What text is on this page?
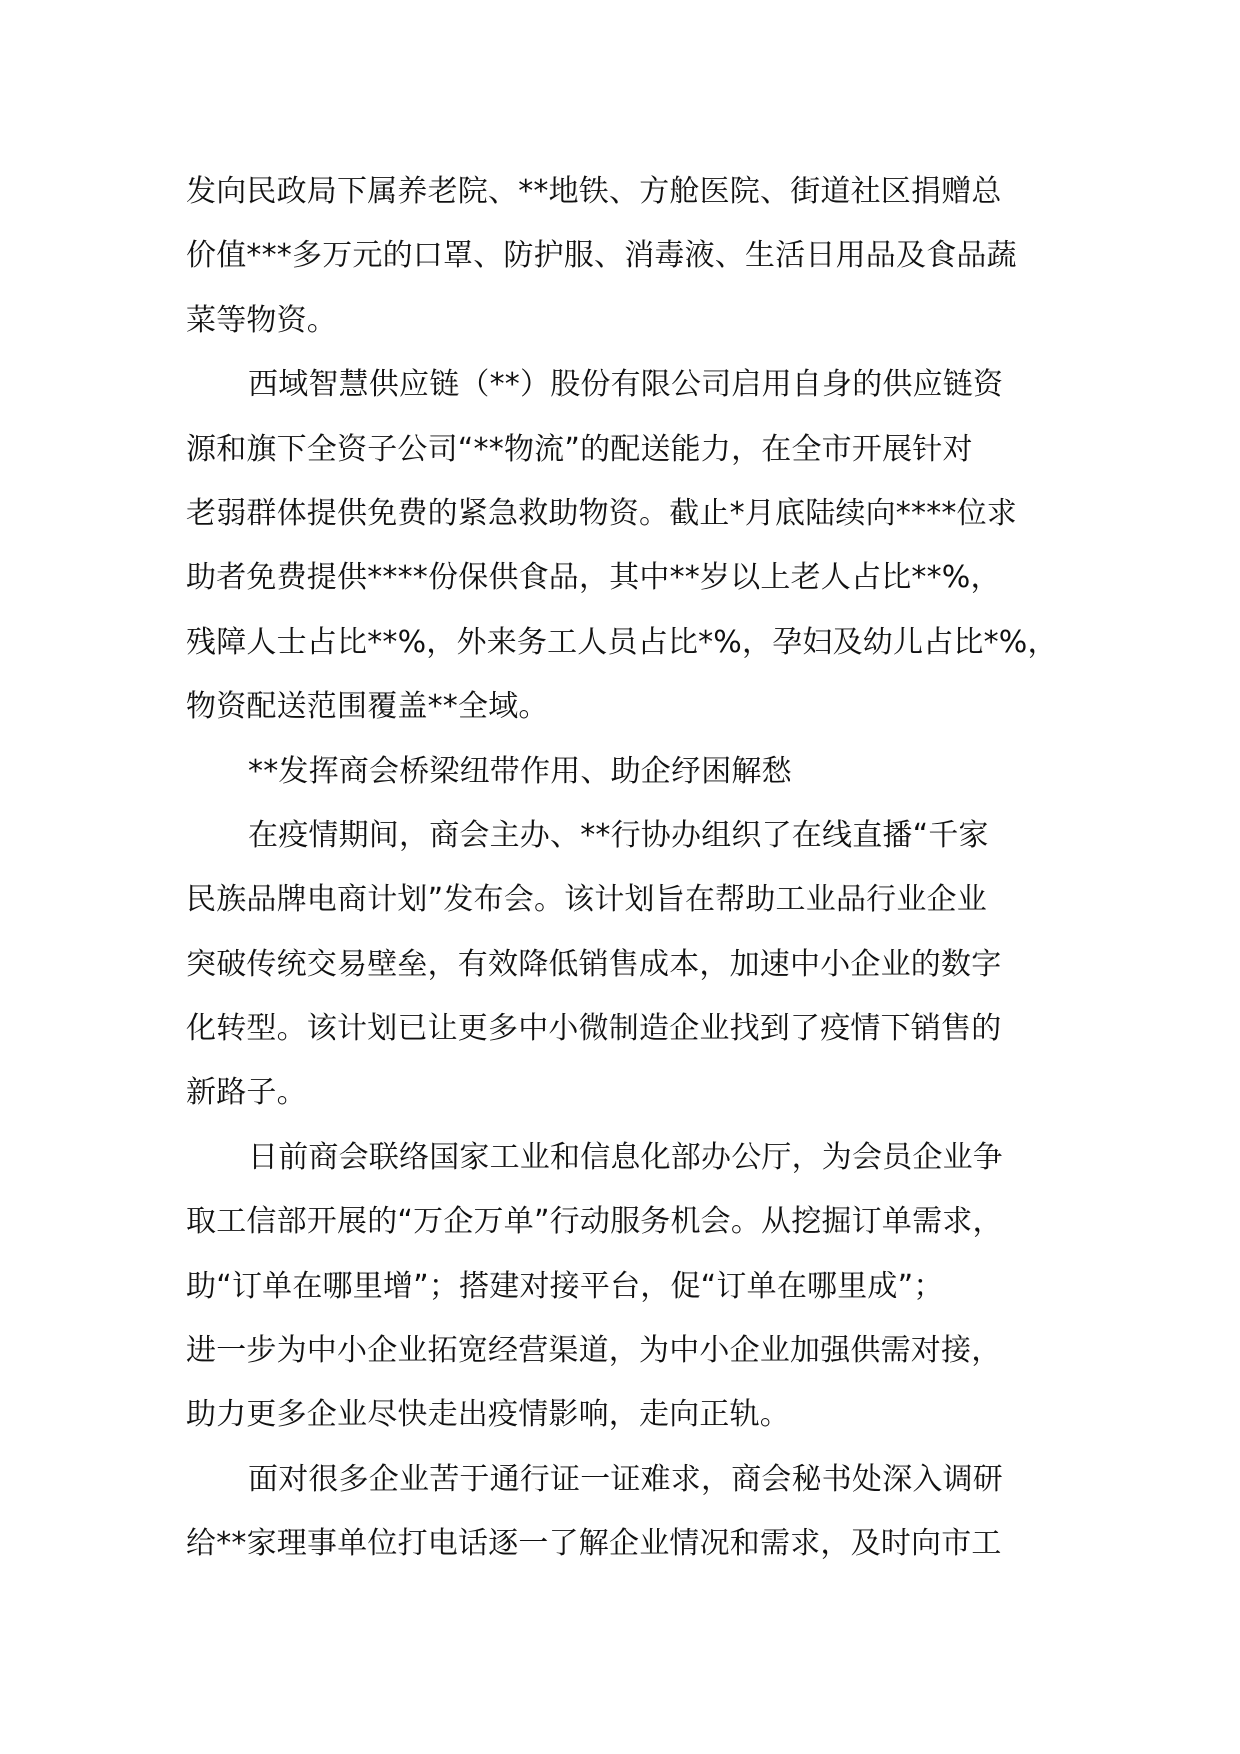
发向民政局下属养老院、**地铁、方舱医院、街道社区捐赠总
价值***多万元的口罩、防护服、消毒液、生活日用品及食品蔬
菜等物资。
西域智慧供应链（**）股份有限公司启用自身的供应链资
源和旗下全资子公司“**物流”的配送能力，在全市开展针对
老弱群体提供免费的紧急救助物资。截止*月底陆续向****位求
助者免费提供****份保供食品，其中**岁以上老人占比**%，
残障人士占比**%，外来务工人员占比*%，孕妇及幼儿占比*%，
物资配送范围覆盖**全域。
**发挥商会桥梁纽带作用、助企纾困解愁
在疫情期间，商会主办、**行协办组织了在线直播“千家
民族品牌电商计划”发布会。该计划旨在帮助工业品行业企业
突破传统交易壁垒，有效降低销售成本，加速中小企业的数字
化转型。该计划已让更多中小微制造企业找到了疫情下销售的
新路子。
日前商会联络国家工业和信息化部办公厅，为会员企业争
取工信部开展的“万企万单”行动服务机会。从挖掘订单需求，
助“订单在哪里增”；搭建对接平台，促“订单在哪里成”；
进一步为中小企业拓宽经营渠道，为中小企业加强供需对接，
助力更多企业尽快走出疫情影响，走向正轨。
面对很多企业苦于通行证一证难求，商会秘书处深入调研
给**家理事单位打电话逐一了解企业情况和需求，及时向市工
